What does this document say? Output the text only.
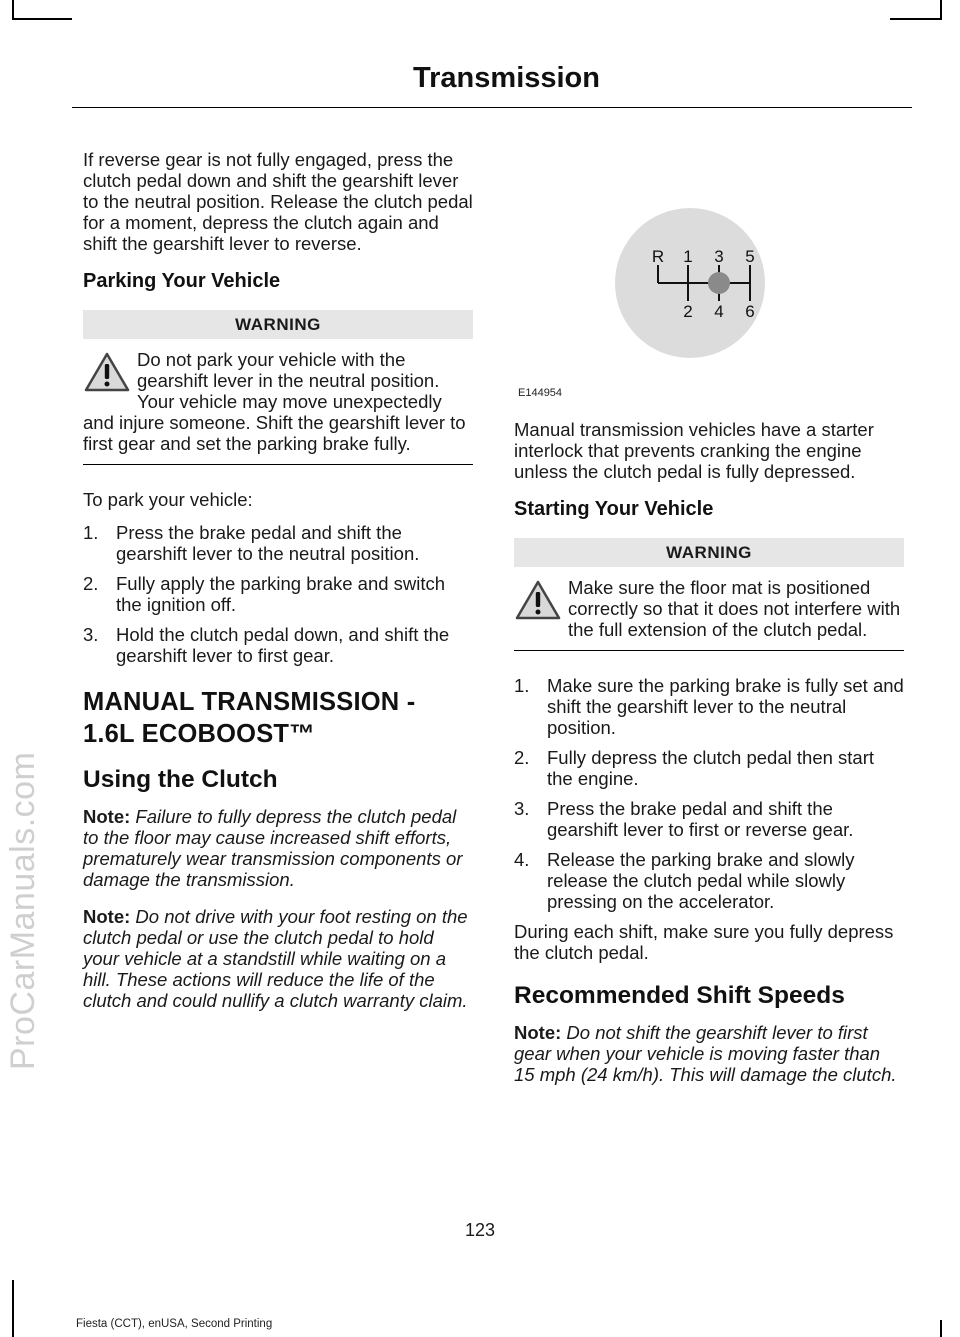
ProCarManuals.com
Transmission

If reverse gear is not fully engaged, press the clutch pedal down and shift the gearshift lever to the neutral position. Release the clutch pedal for a moment, depress the clutch again and shift the gearshift lever to reverse.

Parking Your Vehicle
WARNING
Do not park your vehicle with the gearshift lever in the neutral position. Your vehicle may move unexpectedly and injure someone. Shift the gearshift lever to first gear and set the parking brake fully.

To park your vehicle:

1. Press the brake pedal and shift the gearshift lever to the neutral position.
2. Fully apply the parking brake and switch the ignition off.
3. Hold the clutch pedal down, and shift the gearshift lever to first gear.
MANUAL TRANSMISSION -
1.6L ECOBOOST™
Using the Clutch

Note: Failure to fully depress the clutch pedal to the floor may cause increased shift efforts, prematurely wear transmission components or damage the transmission.

Note: Do not drive with your foot resting on the clutch pedal or use the clutch pedal to hold your vehicle at a standstill while waiting on a hill. These actions will reduce the life of the clutch and could nullify a clutch warranty claim.

R 1 3 5
2 4 6
E144954

Manual transmission vehicles have a starter interlock that prevents cranking the engine unless the clutch pedal is fully depressed.

Starting Your Vehicle
WARNING
Make sure the floor mat is positioned correctly so that it does not interfere with the full extension of the clutch pedal.
1. Make sure the parking brake is fully set and shift the gearshift lever to the neutral position.
2. Fully depress the clutch pedal then start the engine.
3. Press the brake pedal and shift the gearshift lever to first or reverse gear.
4. Release the parking brake and slowly release the clutch pedal while slowly pressing on the accelerator.

During each shift, make sure you fully depress the clutch pedal.

Recommended Shift Speeds

Note: Do not shift the gearshift lever to first gear when your vehicle is moving faster than 15 mph (24 km/h). This will damage the clutch.

123
Fiesta (CCT), enUSA, Second Printing
